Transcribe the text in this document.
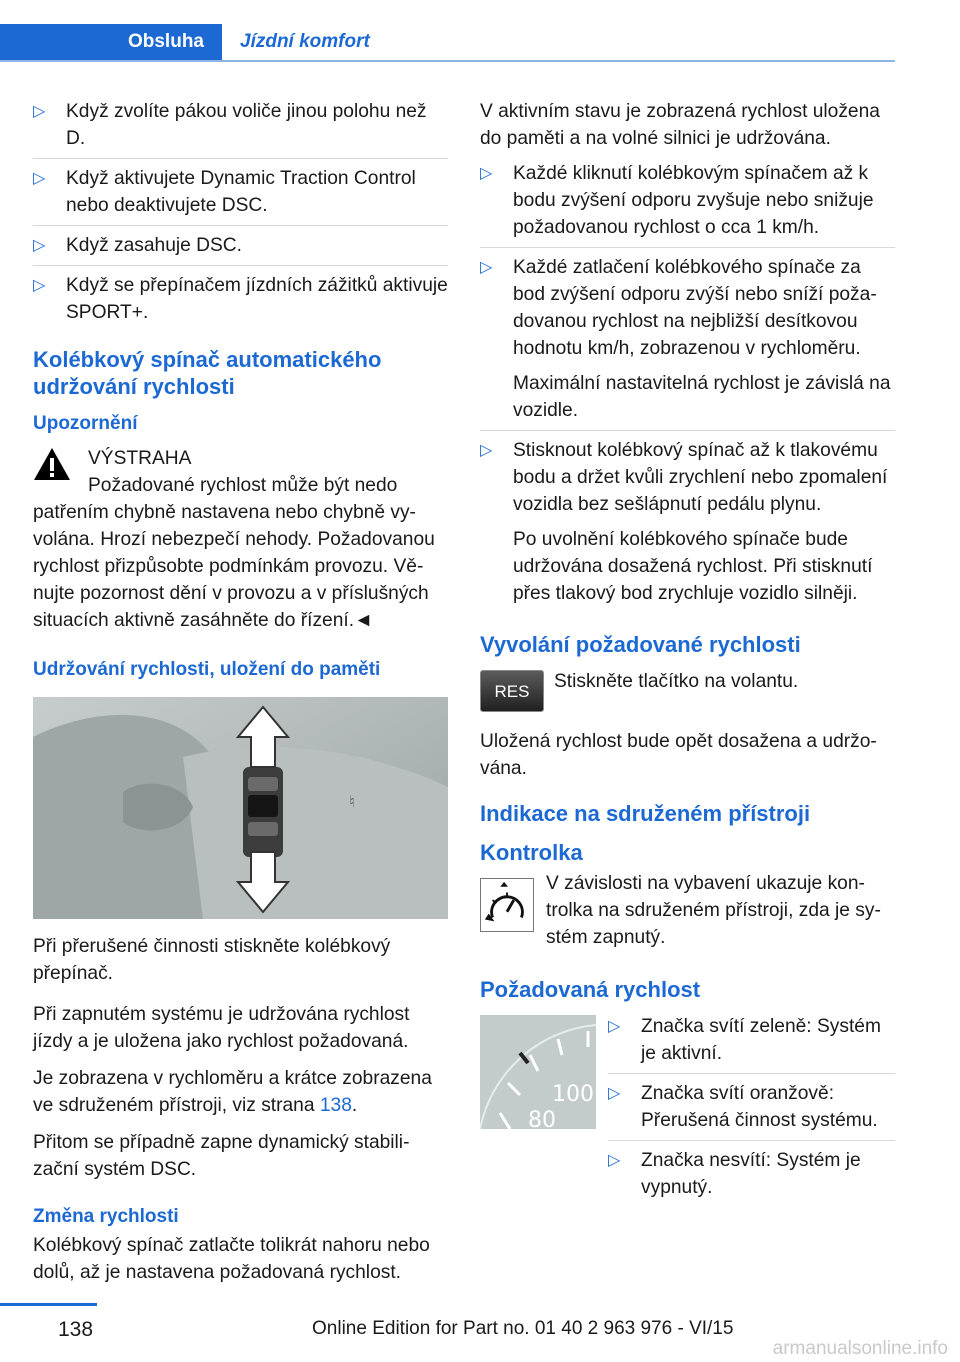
Obsluha Jízdní komfort
▷ Když zvolíte pákou voliče jinou polohu než D.

▷ Když aktivujete Dynamic Traction Control nebo deaktivujete DSC.

▷ Když zasahuje DSC.

▷ Když se přepínačem jízdních zážitků aktivuje SPORT+.

Kolébkový spínač automatického udržování rychlosti
Upozornění

VÝSTRAHA

Požadované rychlost může být nedo

patřením chybně nastavena nebo chybně vyvolána. Hrozí nebezpečí nehody. Požadovanou rychlost přizpůsobte podmínkám provozu. Věnujte pozornost dění v provozu a v příslušných situacích aktivně zasáhněte do řízení.◄

Udržování rychlosti, uložení do paměti
♮

Při přerušené činnosti stiskněte kolébkový přepínač.

Při zapnutém systému je udržována rychlost jízdy a je uložena jako rychlost požadovaná.

Je zobrazena v rychloměru a krátce zobrazena ve sdruženém přístroji, viz strana 138.

Přitom se případně zapne dynamický stabilizační systém DSC.

Změna rychlosti

Kolébkový spínač zatlačte tolikrát nahoru nebo dolů, až je nastavena požadovaná rychlost.

V aktivním stavu je zobrazená rychlost uložena do paměti a na volné silnici je udržována.

▷ Každé kliknutí kolébkovým spínačem až k bodu zvýšení odporu zvyšuje nebo snižuje požadovanou rychlost o cca 1 km/h.

▷ Každé zatlačení kolébkového spínače za bod zvýšení odporu zvýší nebo sníží požadovanou rychlost na nejbližší desítkovou hodnotu km/h, zobrazenou v rychloměru.

Maximální nastavitelná rychlost je závislá na vozidle.

▷ Stisknout kolébkový spínač až k tlakovému bodu a držet kvůli zrychlení nebo zpomalení vozidla bez sešlápnutí pedálu plynu.

Po uvolnění kolébkového spínače bude udržována dosažená rychlost. Při stisknutí přes tlakový bod zrychluje vozidlo silněji.

Vyvolání požadované rychlosti
RES	Stiskněte tlačítko na volantu.

Uložená rychlost bude opět dosažena a udržována.

Indikace na sdruženém přístroji
Kontrolka
V závislosti na vybavení ukazuje kontrolka na sdruženém přístroji, zda je systém zapnutý.
Požadovaná rychlost
100
80
▷ Značka svítí zeleně: Systém je aktivní.

▷ Značka svítí oranžově: Přerušená činnost systému.

▷ Značka nesvítí: Systém je vypnutý.

138	Online Edition for Part no. 01 40 2 963 976 - VI/15
armanualsonline.info
